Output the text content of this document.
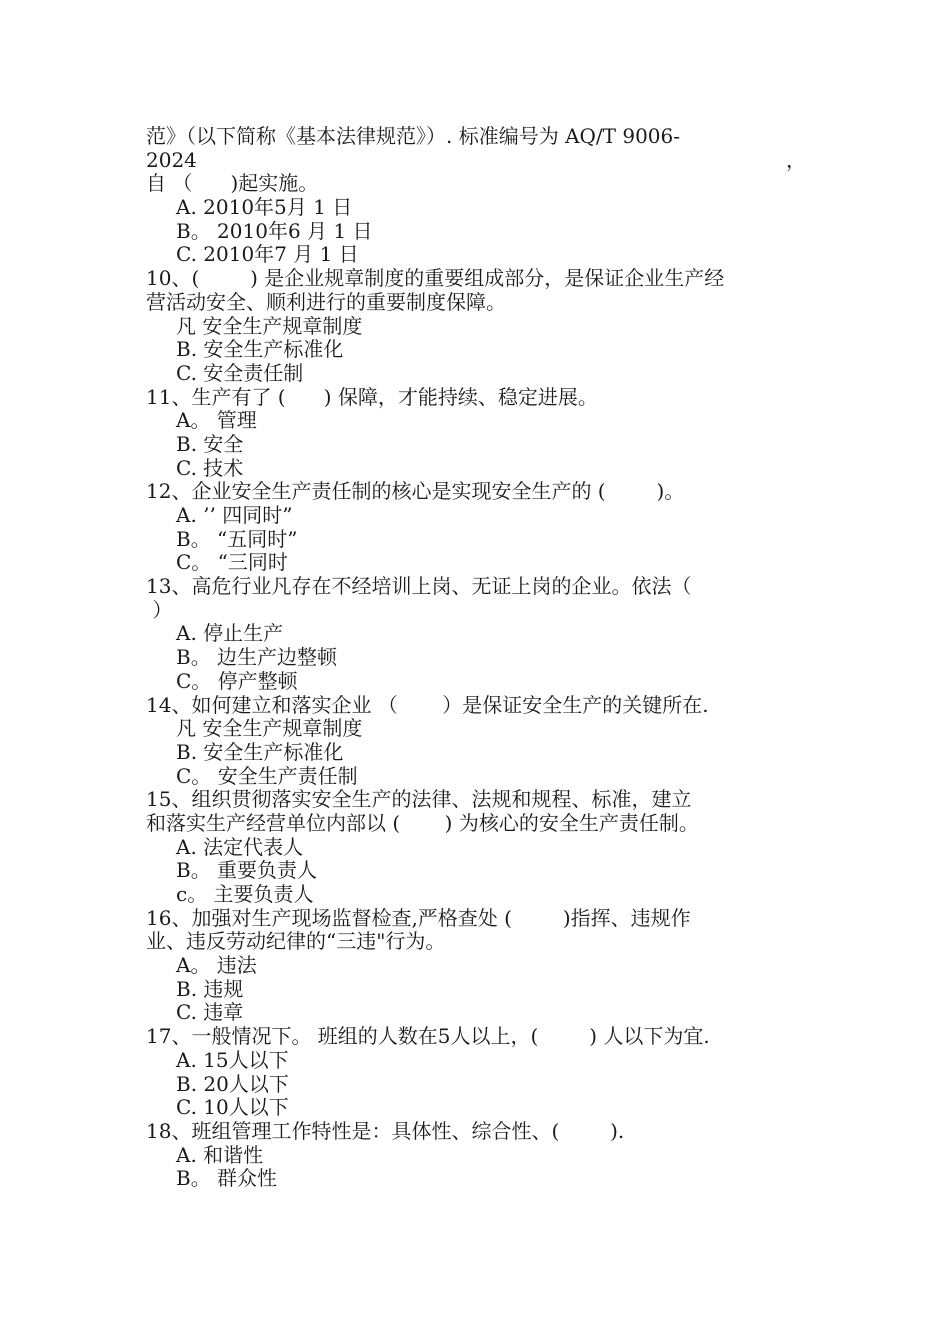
范》（以下简称《基本法律规范》）. 标准编号为 AQ/T 9006-
2024	，
自 （      )起实施。
A. 2010年5月 1 日
B。 2010年6 月 1 日
C. 2010年7 月 1 日
10、(        ) 是企业规章制度的重要组成部分，是保证企业生产经
营活动安全、顺利进行的重要制度保障。
凡 安全生产规章制度
B. 安全生产标准化
C. 安全责任制
11、生产有了 (      ) 保障，才能持续、稳定进展。
A。 管理
B. 安全
C. 技术
12、企业安全生产责任制的核心是实现安全生产的 (        )。
A. ’’ 四同时”
B。 “五同时”
C。 “三同时
13、高危行业凡存在不经培训上岗、无证上岗的企业。依法（
）
A. 停止生产
B。 边生产边整顿
C。 停产整顿
14、如何建立和落实企业 （       ）是保证安全生产的关键所在.
凡 安全生产规章制度
B. 安全生产标准化
C。 安全生产责任制
15、组织贯彻落实安全生产的法律、法规和规程、标准，建立
和落实生产经营单位内部以 (       ) 为核心的安全生产责任制。
A. 法定代表人
B。 重要负责人
c。 主要负责人
16、加强对生产现场监督检查,严格查处 (        )指挥、违规作
业、违反劳动纪律的“三违"行为。
A。 违法
B. 违规
C. 违章
17、一般情况下。 班组的人数在5人以上，(        ) 人以下为宜.
A. 15人以下
B. 20人以下
C. 10人以下
18、班组管理工作特性是：具体性、综合性、(        ).
A. 和谐性
B。 群众性
